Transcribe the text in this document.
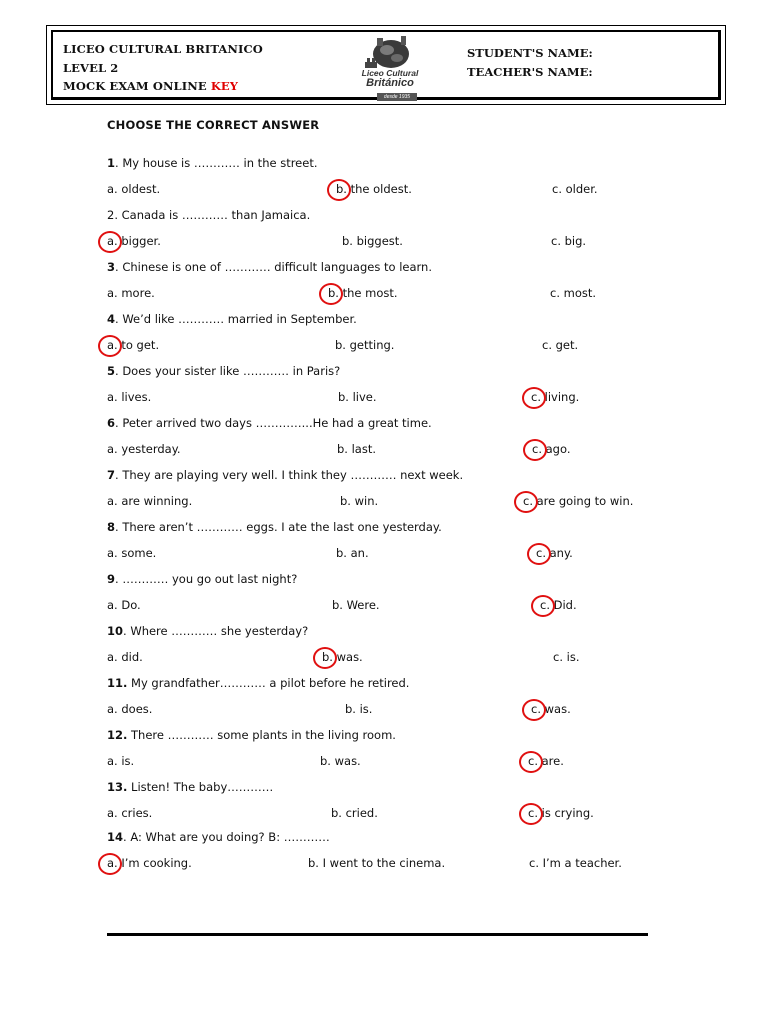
LICEO CULTURAL BRITANICO
LEVEL 2
MOCK EXAM ONLINE KEY
Liceo Cultural
Británico
desde 1935
STUDENT'S NAME:
TEACHER'S NAME:
CHOOSE THE CORRECT ANSWER
1. My house is ………… in the street.
a. oldest.	b. the oldest.	c. older.
2. Canada is ………… than Jamaica.
a. bigger.	b. biggest.	c. big.
3. Chinese is one of ………… difficult languages to learn.
a. more.	b. the most.	c. most.
4. We’d like ………… married in September.
a. to get.	b. getting.	c. get.
5. Does your sister like ………… in Paris?
a. lives.	b. live.	c. living.
6. Peter arrived two days …………...He had a great time.
a. yesterday.	b. last.	c. ago.
7. They are playing very well. I think they ………… next week.
a. are winning.	b. win.	c. are going to win.
8. There aren’t ………… eggs. I ate the last one yesterday.
a. some.	b. an.	c. any.
9. ………… you go out last night?
a. Do.	b. Were.	c. Did.
10. Where ………… she yesterday?
a. did.	b. was.	c. is.
11. My grandfather………… a pilot before he retired.
a. does.	b. is.	c. was.
12. There ………… some plants in the living room.
a. is.	b. was.	c. are.
13. Listen! The baby…………
a. cries.	b. cried.	c. is crying.
14. A: What are you doing? B: …………
a. I’m cooking.	b. I went to the cinema.	c. I’m a teacher.
